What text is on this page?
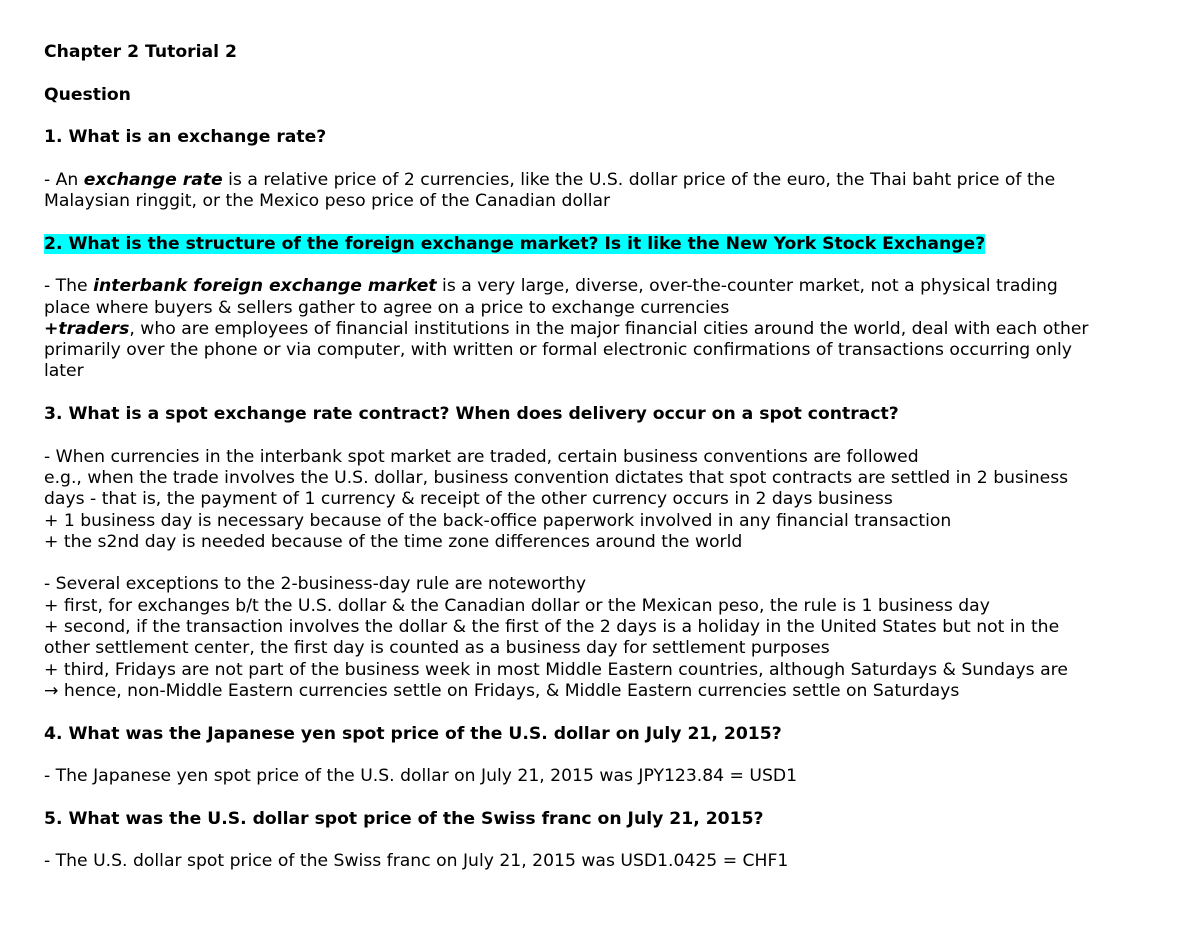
Chapter 2 Tutorial 2
Question
1. What is an exchange rate?
- An exchange rate is a relative price of 2 currencies, like the U.S. dollar price of the euro, the Thai baht price of the
Malaysian ringgit, or the Mexico peso price of the Canadian dollar
2. What is the structure of the foreign exchange market? Is it like the New York Stock Exchange?
- The interbank foreign exchange market is a very large, diverse, over-the-counter market, not a physical trading
place where buyers & sellers gather to agree on a price to exchange currencies
+traders, who are employees of financial institutions in the major financial cities around the world, deal with each other
primarily over the phone or via computer, with written or formal electronic confirmations of transactions occurring only
later
3. What is a spot exchange rate contract? When does delivery occur on a spot contract?
- When currencies in the interbank spot market are traded, certain business conventions are followed
e.g., when the trade involves the U.S. dollar, business convention dictates that spot contracts are settled in 2 business
days - that is, the payment of 1 currency & receipt of the other currency occurs in 2 days business
+ 1 business day is necessary because of the back-office paperwork involved in any financial transaction
+ the s2nd day is needed because of the time zone differences around the world
- Several exceptions to the 2-business-day rule are noteworthy
+ first, for exchanges b/t the U.S. dollar & the Canadian dollar or the Mexican peso, the rule is 1 business day
+ second, if the transaction involves the dollar & the first of the 2 days is a holiday in the United States but not in the
other settlement center, the first day is counted as a business day for settlement purposes
+ third, Fridays are not part of the business week in most Middle Eastern countries, although Saturdays & Sundays are
→ hence, non-Middle Eastern currencies settle on Fridays, & Middle Eastern currencies settle on Saturdays
4. What was the Japanese yen spot price of the U.S. dollar on July 21, 2015?
- The Japanese yen spot price of the U.S. dollar on July 21, 2015 was JPY123.84 = USD1
5. What was the U.S. dollar spot price of the Swiss franc on July 21, 2015?
- The U.S. dollar spot price of the Swiss franc on July 21, 2015 was USD1.0425 = CHF1
